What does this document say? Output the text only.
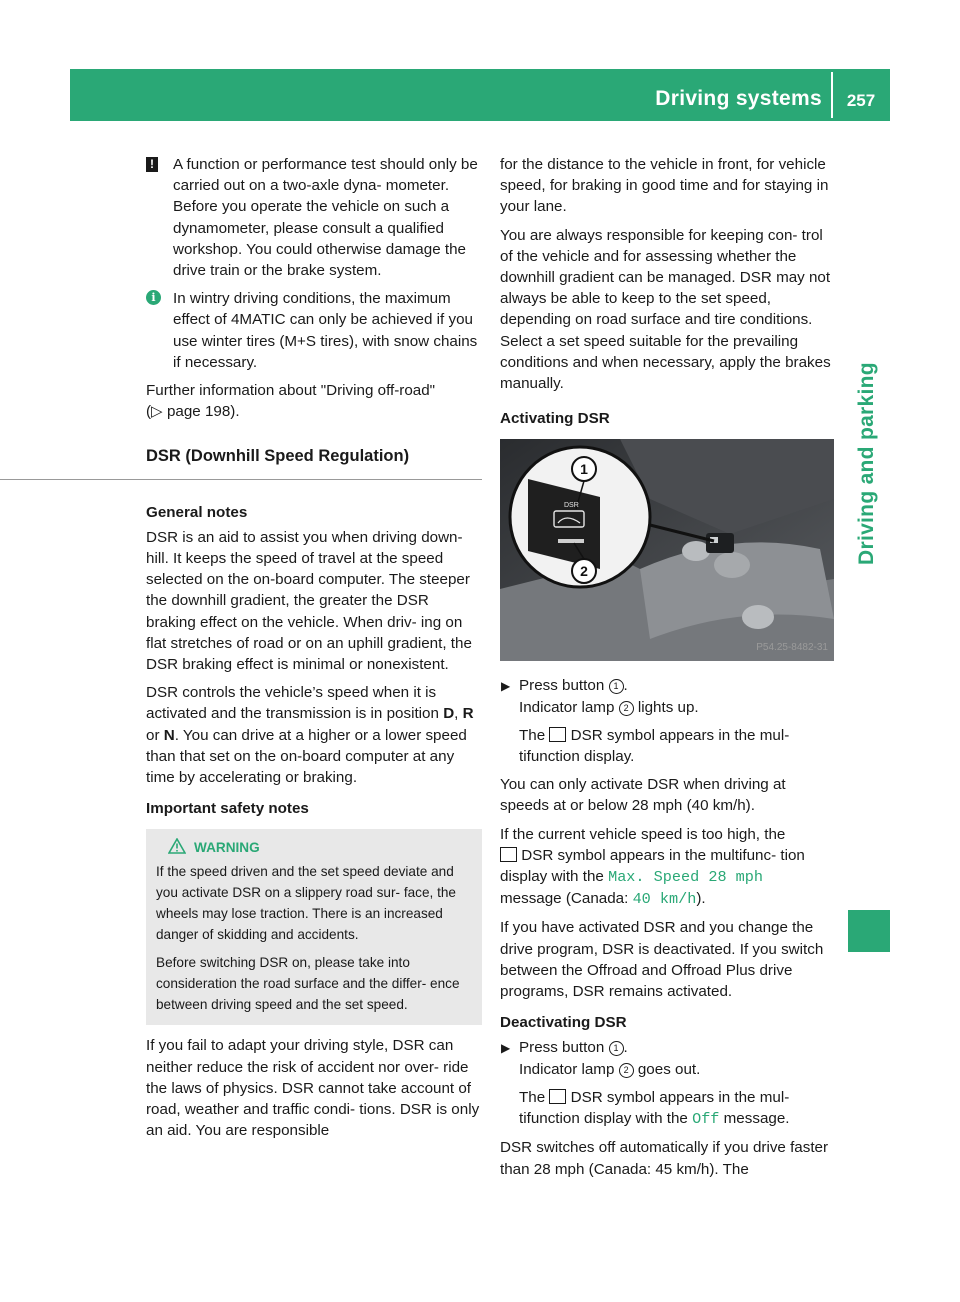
Driving systems	257
Driving and parking

! A function or performance test should only be carried out on a two-axle dyna- mometer. Before you operate the vehicle on such a dynamometer, please consult a qualified workshop. You could otherwise damage the drive train or the brake system.

i	In wintry driving conditions, the maximum effect of 4MATIC can only be achieved if you use winter tires (M+S tires), with snow chains if necessary.

Further information about "Driving off-road"
(▷ page 198).

DSR (Downhill Speed Regulation)
General notes

DSR is an aid to assist you when driving down- hill. It keeps the speed of travel at the speed selected on the on-board computer. The steeper the downhill gradient, the greater the DSR braking effect on the vehicle. When driv- ing on flat stretches of road or on an uphill gradient, the DSR braking effect is minimal or nonexistent.

DSR controls the vehicle’s speed when it is activated and the transmission is in position D, R or N. You can drive at a higher or a lower speed than that set on the on-board computer at any time by accelerating or braking.

Important safety notes
WARNING

If the speed driven and the set speed deviate and you activate DSR on a slippery road sur- face, the wheels may lose traction. There is an increased danger of skidding and accidents.

Before switching DSR on, please take into consideration the road surface and the differ- ence between driving speed and the set speed.

If you fail to adapt your driving style, DSR can neither reduce the risk of accident nor over- ride the laws of physics. DSR cannot take account of road, weather and traffic condi- tions. DSR is only an aid. You are responsible

for the distance to the vehicle in front, for vehicle speed, for braking in good time and for staying in your lane.

You are always responsible for keeping con- trol of the vehicle and for assessing whether the downhill gradient can be managed. DSR may not always be able to keep to the set speed, depending on road surface and tire conditions. Select a set speed suitable for the prevailing conditions and when necessary, apply the brakes manually.

Activating DSR
1
2
DSR
P54.25-8482-31
▶ Press button 1 .
Indicator lamp 2 lights up.

The DSR symbol appears in the mul- tifunction display.

You can only activate DSR when driving at speeds at or below 28 mph (40 km/h).

If the current vehicle speed is too high, the
DSR symbol appears in the multifunc- tion display with the Max. Speed 28 mph
message (Canada: 40 km/h).

If you have activated DSR and you change the drive program, DSR is deactivated. If you switch between the Offroad and Offroad Plus drive programs, DSR remains activated.

Deactivating DSR
▶ Press button 1 .
Indicator lamp 2 goes out.

The DSR symbol appears in the mul- tifunction display with the Off message.

DSR switches off automatically if you drive faster than 28 mph (Canada: 45 km/h). The
